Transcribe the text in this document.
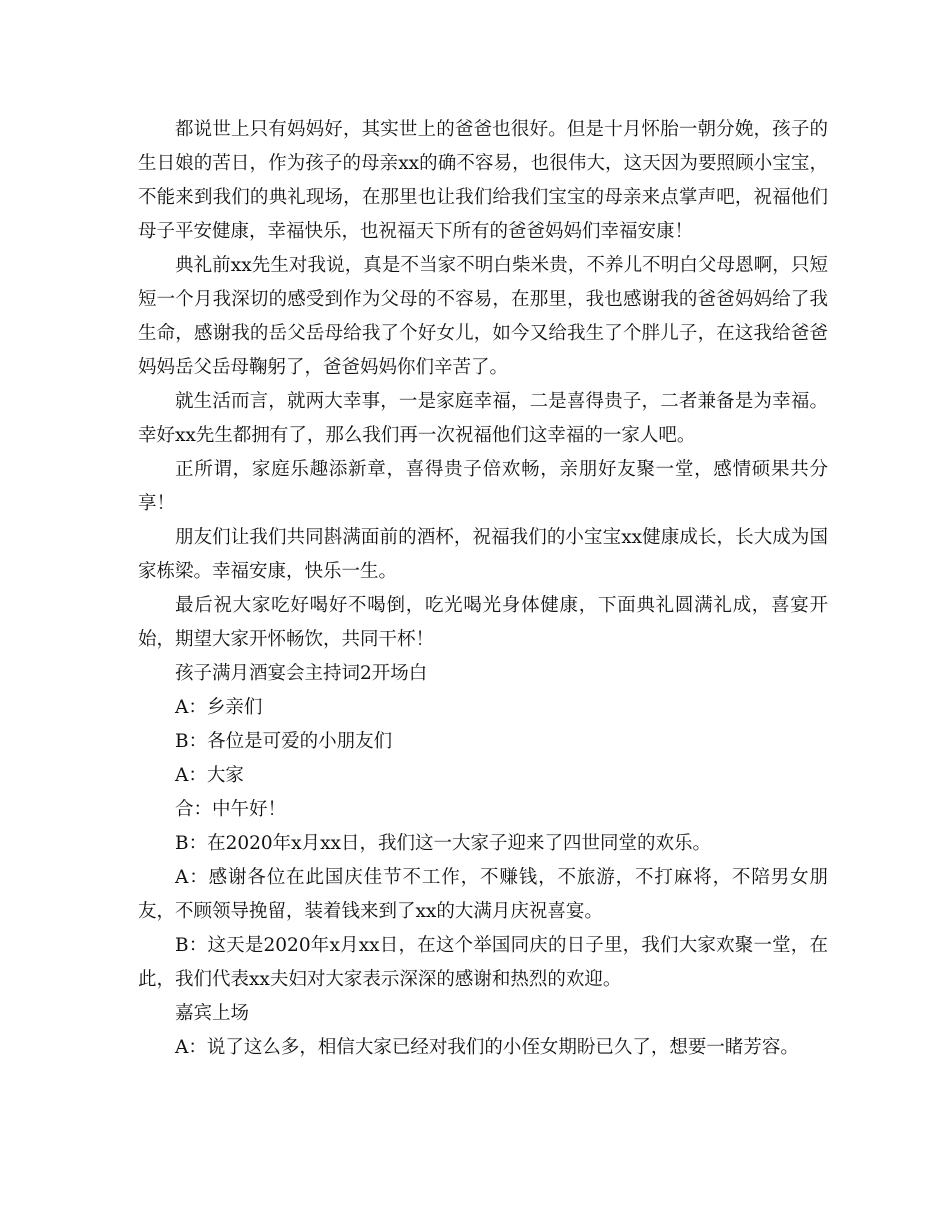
都说世上只有妈妈好，其实世上的爸爸也很好。但是十月怀胎一朝分娩，孩子的生日娘的苦日，作为孩子的母亲xx的确不容易，也很伟大，这天因为要照顾小宝宝，不能来到我们的典礼现场，在那里也让我们给我们宝宝的母亲来点掌声吧，祝福他们母子平安健康，幸福快乐，也祝福天下所有的爸爸妈妈们幸福安康！

典礼前xx先生对我说，真是不当家不明白柴米贵，不养儿不明白父母恩啊，只短短一个月我深切的感受到作为父母的不容易，在那里，我也感谢我的爸爸妈妈给了我生命，感谢我的岳父岳母给我了个好女儿，如今又给我生了个胖儿子，在这我给爸爸妈妈岳父岳母鞠躬了，爸爸妈妈你们辛苦了。

就生活而言，就两大幸事，一是家庭幸福，二是喜得贵子，二者兼备是为幸福。幸好xx先生都拥有了，那么我们再一次祝福他们这幸福的一家人吧。

正所谓，家庭乐趣添新章，喜得贵子倍欢畅，亲朋好友聚一堂，感情硕果共分享！

朋友们让我们共同斟满面前的酒杯，祝福我们的小宝宝xx健康成长，长大成为国家栋梁。幸福安康，快乐一生。

最后祝大家吃好喝好不喝倒，吃光喝光身体健康，下面典礼圆满礼成，喜宴开始，期望大家开怀畅饮，共同干杯！

孩子满月酒宴会主持词2开场白

A：乡亲们

B：各位是可爱的小朋友们

A：大家

合：中午好！

B：在2020年x月xx日，我们这一大家子迎来了四世同堂的欢乐。

A：感谢各位在此国庆佳节不工作，不赚钱，不旅游，不打麻将，不陪男女朋友，不顾领导挽留，装着钱来到了xx的大满月庆祝喜宴。

B：这天是2020年x月xx日，在这个举国同庆的日子里，我们大家欢聚一堂，在此，我们代表xx夫妇对大家表示深深的感谢和热烈的欢迎。

嘉宾上场

A：说了这么多，相信大家已经对我们的小侄女期盼已久了，想要一睹芳容。
